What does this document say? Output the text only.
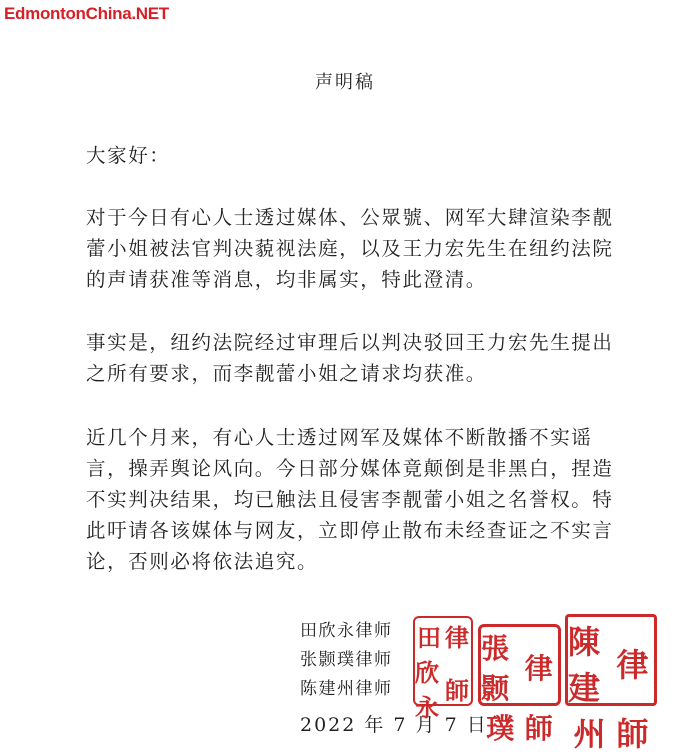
EdmontonChina.NET
声明稿

大家好：

对于今日有心人士透过媒体、公眾號、网军大肆渲染李靓蕾小姐被法官判决藐视法庭，以及王力宏先生在纽约法院的声请获准等消息，均非属实，特此澄清。

事实是，纽约法院经过审理后以判决驳回王力宏先生提出之所有要求，而李靓蕾小姐之请求均获准。

近几个月来，有心人士透过网军及媒体不断散播不实谣言，操弄舆论风向。今日部分媒体竟颠倒是非黑白，捏造不实判决结果，均已触法且侵害李靓蕾小姐之名誉权。特此吁请各该媒体与网友，立即停止散布未经查证之不实言论，否则必将依法追究。

田欣永律师
张颢璞律师
陈建州律师
2022 年 7 月 7 日
田 律
欣永
師
張颢
律
璞 師
陳建
律
州 師
